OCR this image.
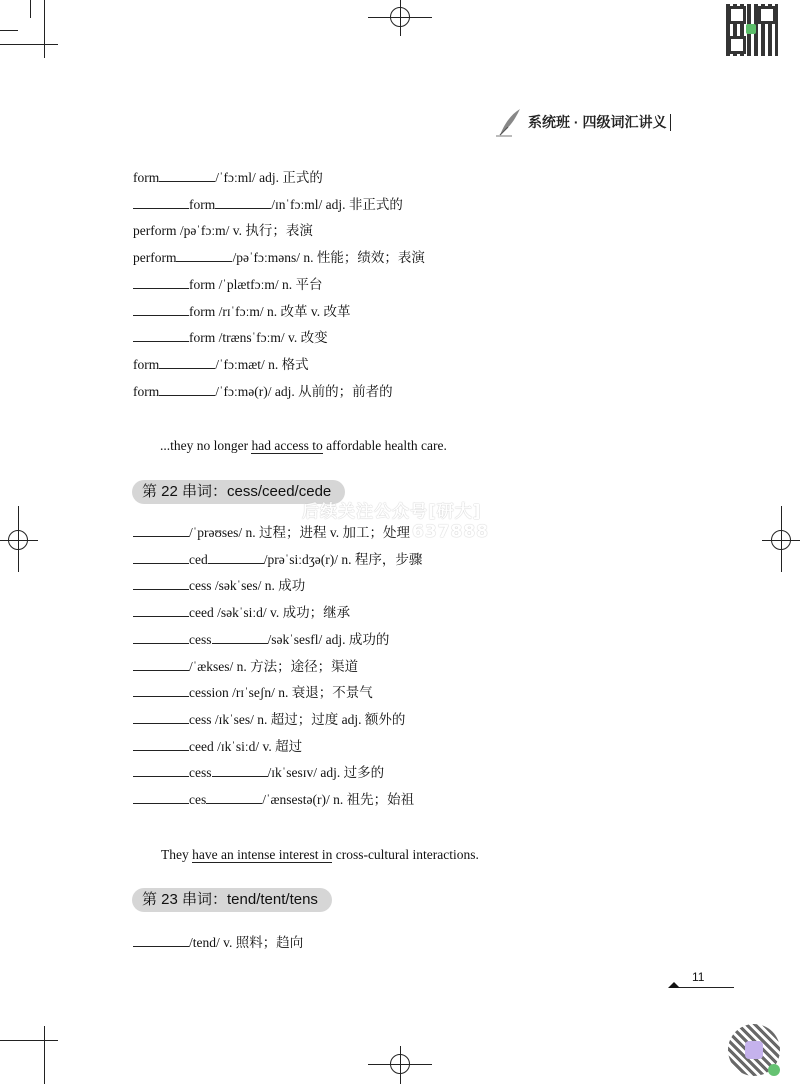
系统班 · 四级词汇讲义
form	/ˈfɔːml/ adj. 正式的
form	/ɪnˈfɔːml/ adj. 非正式的
perform /pəˈfɔːm/ v. 执行；表演
perform	/pəˈfɔːməns/ n. 性能；绩效；表演
form /ˈplætfɔːm/ n. 平台
form /rɪˈfɔːm/ n. 改革 v. 改革
form /trænsˈfɔːm/ v. 改变
form	/ˈfɔːmæt/ n. 格式
form	/ˈfɔːmə(r)/ adj. 从前的；前者的
...they no longer had access to affordable health care.
第 22 串词：cess/ceed/cede
/ˈprəʊses/ n. 过程；进程 v. 加工；处理
ced	/prəˈsiːdʒə(r)/ n. 程序，步骤
cess /səkˈses/ n. 成功
ceed /səkˈsiːd/ v. 成功；继承
cess	/səkˈsesfl/ adj. 成功的
/ˈækses/ n. 方法；途径；渠道
cession /rɪˈseʃn/ n. 衰退；不景气
cess /ɪkˈses/ n. 超过；过度 adj. 额外的
ceed /ɪkˈsiːd/ v. 超过
cess	/ɪkˈsesɪv/ adj. 过多的
ces	/ˈænsestə(r)/ n. 祖先；始祖
They have an intense interest in cross-cultural interactions.
第 23 串词：tend/tent/tens
/tend/ v. 照料；趋向
后续关注公众号[研大]
637888
11
